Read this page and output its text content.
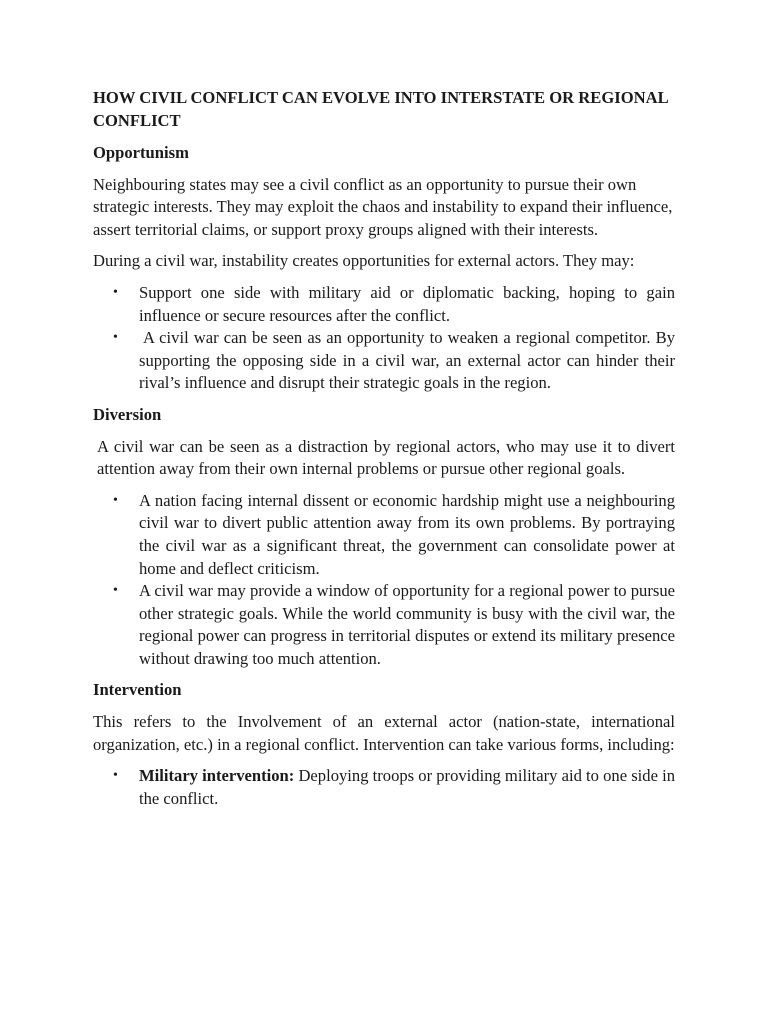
HOW CIVIL CONFLICT CAN EVOLVE INTO INTERSTATE OR REGIONAL CONFLICT
Opportunism

Neighbouring states may see a civil conflict as an opportunity to pursue their own strategic interests. They may exploit the chaos and instability to expand their influence, assert territorial claims, or support proxy groups aligned with their interests.

During a civil war, instability creates opportunities for external actors. They may:

• Support one side with military aid or diplomatic backing, hoping to gain influence or secure resources after the conflict.
• A civil war can be seen as an opportunity to weaken a regional competitor. By supporting the opposing side in a civil war, an external actor can hinder their rival’s influence and disrupt their strategic goals in the region.
Diversion

A civil war can be seen as a distraction by regional actors, who may use it to divert attention away from their own internal problems or pursue other regional goals.

• A nation facing internal dissent or economic hardship might use a neighbouring civil war to divert public attention away from its own problems. By portraying the civil war as a significant threat, the government can consolidate power at home and deflect criticism.
• A civil war may provide a window of opportunity for a regional power to pursue other strategic goals. While the world community is busy with the civil war, the regional power can progress in territorial disputes or extend its military presence without drawing too much attention.
Intervention

This refers to the Involvement of an external actor (nation-state, international organization, etc.) in a regional conflict. Intervention can take various forms, including:

• Military intervention: Deploying troops or providing military aid to one side in the conflict.
